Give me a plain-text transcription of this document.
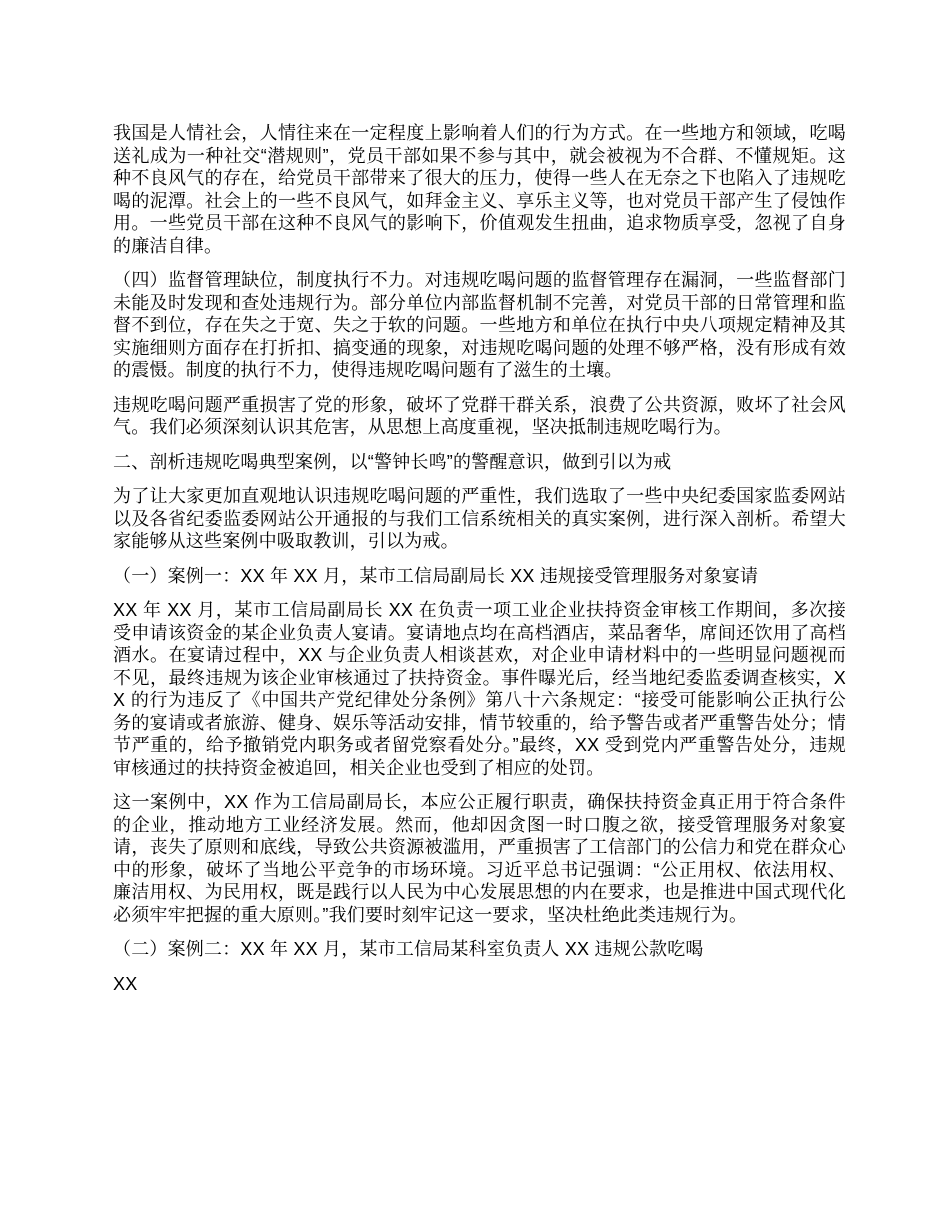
我国是人情社会，人情往来在一定程度上影响着人们的行为方式。在一些地方和领域，吃喝送礼成为一种社交“潜规则”，党员干部如果不参与其中，就会被视为不合群、不懂规矩。这种不良风气的存在，给党员干部带来了很大的压力，使得一些人在无奈之下也陷入了违规吃喝的泥潭。社会上的一些不良风气，如拜金主义、享乐主义等，也对党员干部产生了侵蚀作用。一些党员干部在这种不良风气的影响下，价值观发生扭曲，追求物质享受，忽视了自身的廉洁自律。

（四）监督管理缺位，制度执行不力。对违规吃喝问题的监督管理存在漏洞，一些监督部门未能及时发现和查处违规行为。部分单位内部监督机制不完善，对党员干部的日常管理和监督不到位，存在失之于宽、失之于软的问题。一些地方和单位在执行中央八项规定精神及其实施细则方面存在打折扣、搞变通的现象，对违规吃喝问题的处理不够严格，没有形成有效的震慑。制度的执行不力，使得违规吃喝问题有了滋生的土壤。

违规吃喝问题严重损害了党的形象，破坏了党群干群关系，浪费了公共资源，败坏了社会风气。我们必须深刻认识其危害，从思想上高度重视，坚决抵制违规吃喝行为。

二、剖析违规吃喝典型案例，以“警钟长鸣”的警醒意识，做到引以为戒

为了让大家更加直观地认识违规吃喝问题的严重性，我们选取了一些中央纪委国家监委网站以及各省纪委监委网站公开通报的与我们工信系统相关的真实案例，进行深入剖析。希望大家能够从这些案例中吸取教训，引以为戒。

（一）案例一：XX 年 XX 月，某市工信局副局长 XX 违规接受管理服务对象宴请

XX 年 XX 月，某市工信局副局长 XX 在负责一项工业企业扶持资金审核工作期间，多次接受申请该资金的某企业负责人宴请。宴请地点均在高档酒店，菜品奢华，席间还饮用了高档酒水。在宴请过程中，XX 与企业负责人相谈甚欢，对企业申请材料中的一些明显问题视而不见，最终违规为该企业审核通过了扶持资金。事件曝光后，经当地纪委监委调查核实，XX 的行为违反了《中国共产党纪律处分条例》第八十六条规定：“接受可能影响公正执行公务的宴请或者旅游、健身、娱乐等活动安排，情节较重的，给予警告或者严重警告处分；情节严重的，给予撤销党内职务或者留党察看处分。”最终，XX 受到党内严重警告处分，违规审核通过的扶持资金被追回，相关企业也受到了相应的处罚。

这一案例中，XX 作为工信局副局长，本应公正履行职责，确保扶持资金真正用于符合条件的企业，推动地方工业经济发展。然而，他却因贪图一时口腹之欲，接受管理服务对象宴请，丧失了原则和底线，导致公共资源被滥用，严重损害了工信部门的公信力和党在群众心中的形象，破坏了当地公平竞争的市场环境。习近平总书记强调：“公正用权、依法用权、廉洁用权、为民用权，既是践行以人民为中心发展思想的内在要求，也是推进中国式现代化必须牢牢把握的重大原则。”我们要时刻牢记这一要求，坚决杜绝此类违规行为。

（二）案例二：XX 年 XX 月，某市工信局某科室负责人 XX 违规公款吃喝

XX
